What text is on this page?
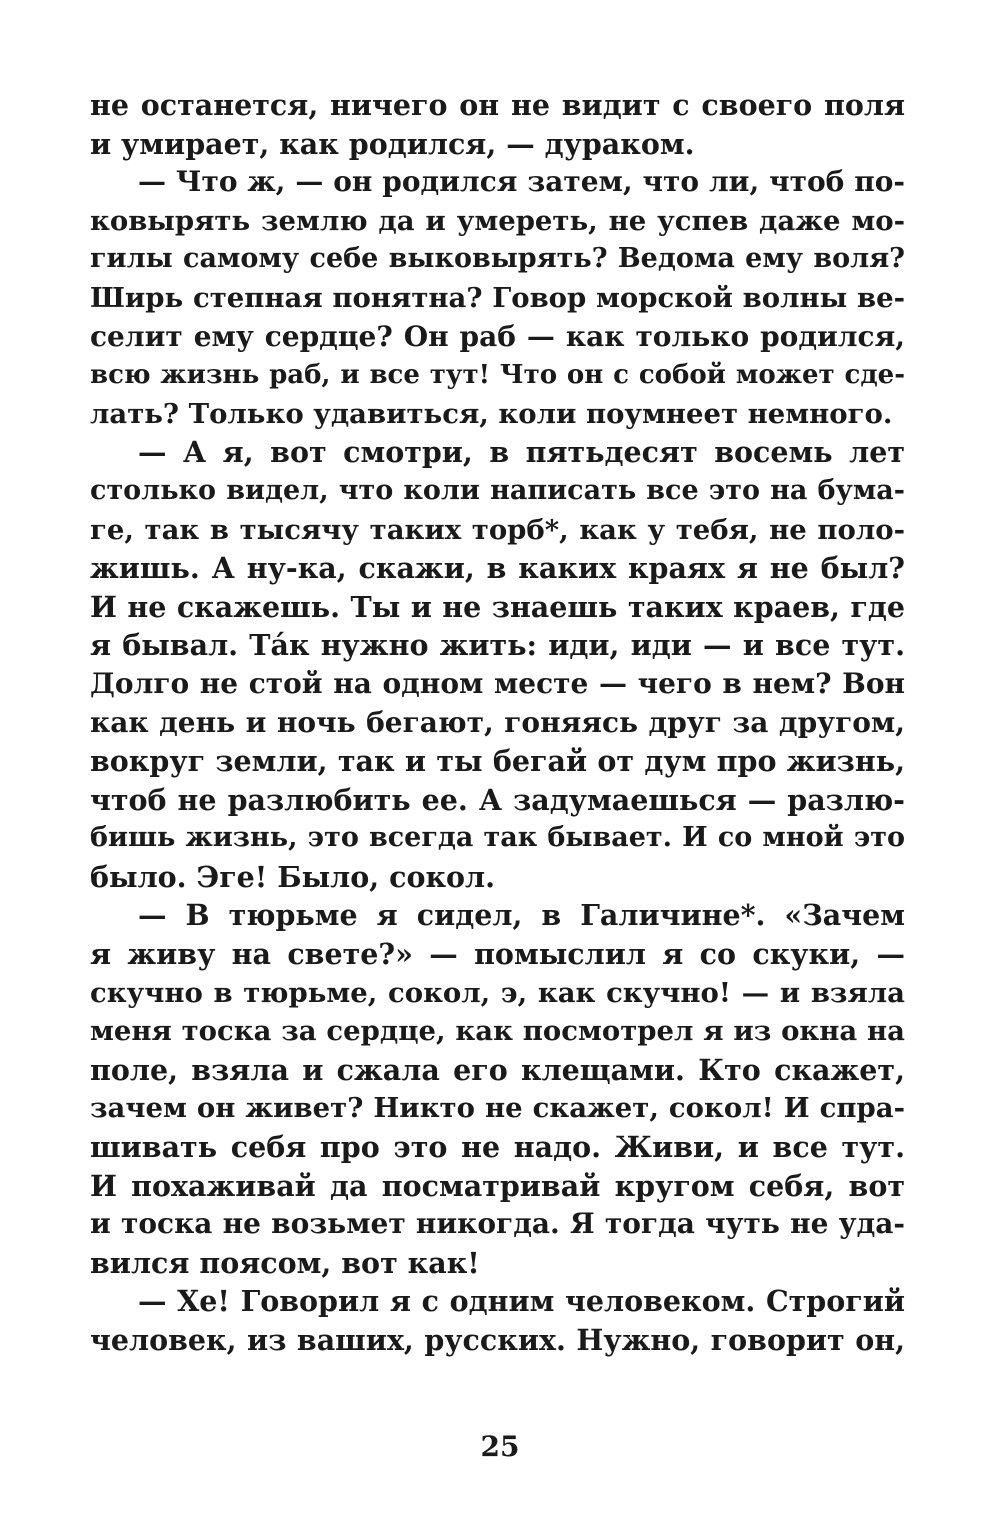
не останется, ничего он не видит с своего поля
и умирает, как родился, — дураком.
— Что ж, — он родился затем, что ли, чтоб по-
ковырять землю да и умереть, не успев даже мо-
гилы самому себе выковырять? Ведома ему воля?
Ширь степная понятна? Говор морской волны ве-
селит ему сердце? Он раб — как только родился,
всю жизнь раб, и все тут! Что он с собой может сде-
лать? Только удавиться, коли поумнеет немного.
— А я, вот смотри, в пятьдесят восемь лет
столько видел, что коли написать все это на бума-
ге, так в тысячу таких торб*, как у тебя, не поло-
жишь. А ну-ка, скажи, в каких краях я не был?
И не скажешь. Ты и не знаешь таких краев, где
я бывал. Та́к нужно жить: иди, иди — и все тут.
Долго не стой на одном месте — чего в нем? Вон
как день и ночь бегают, гоняясь друг за другом,
вокруг земли, так и ты бегай от дум про жизнь,
чтоб не разлюбить ее. А задумаешься — разлю-
бишь жизнь, это всегда так бывает. И со мной это
было. Эге! Было, сокол.
— В тюрьме я сидел, в Галичине*. «Зачем
я живу на свете?» — помыслил я со скуки, —
скучно в тюрьме, сокол, э, как скучно! — и взяла
меня тоска за сердце, как посмотрел я из окна на
поле, взяла и сжала его клещами. Кто скажет,
зачем он живет? Никто не скажет, сокол! И спра-
шивать себя про это не надо. Живи, и все тут.
И похаживай да посматривай кругом себя, вот
и тоска не возьмет никогда. Я тогда чуть не уда-
вился поясом, вот как!
— Хе! Говорил я с одним человеком. Строгий
человек, из ваших, русских. Нужно, говорит он,
25
